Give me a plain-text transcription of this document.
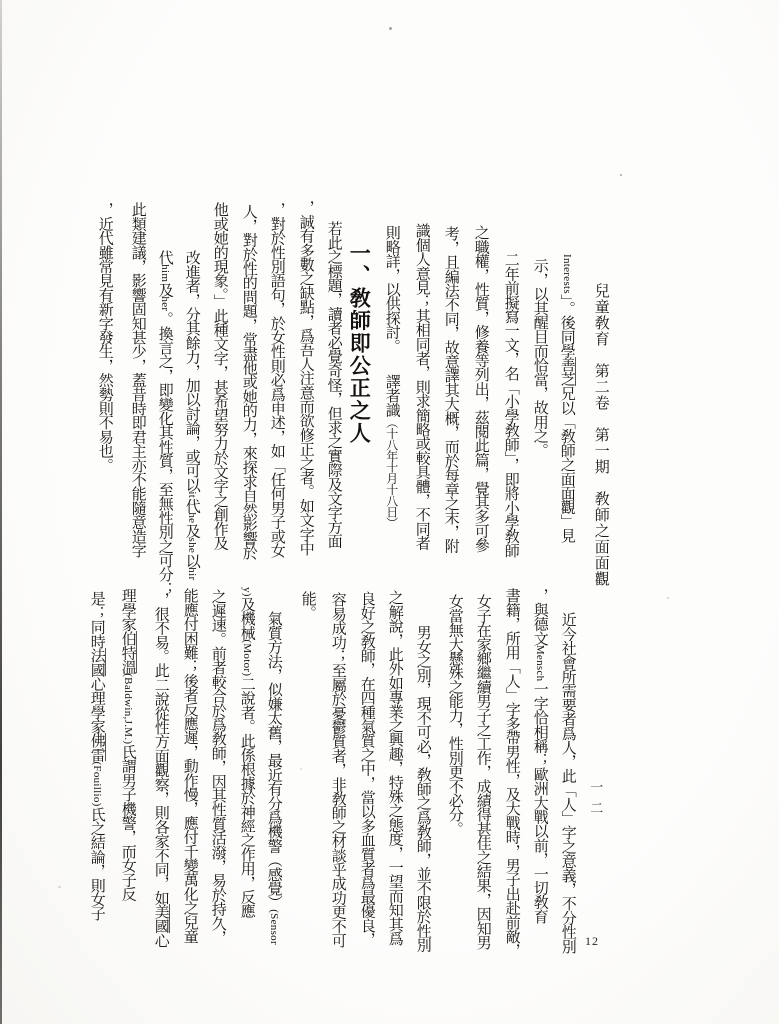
兒童敎育　第二卷　第一期　敎師之面面觀
Interests」。後同學善芝兄以「敎師之面面觀」見
示，以其醒目而恰當，故用之。
二年前擬寫一文，名「小學敎師」，即將小學敎師
之職權，性質，修養等列出，茲閱此篇，覺其多可參
考，且編法不同，故意譯其大概，而於每章之末，附
識個人意見；其相同者，則求簡略或較具體，不同者
則略詳，以供探討。　　譯者識（十八年十月十八日）
一、敎師即公正之人
若此之標題，讀者必覺奇怪，但求之實際及文字方面
，誠有多數之缺點，爲吾人注意而欲修正之者。如文字中
，對於性別語句，於女性則必爲申述，如「任何男子或女
人，對於性的問題，常盡他或她的力，來探求自然影響於
他或她的現象。」此種文字，甚希望努力於文字之創作及
改進者，分其餘力，加以討論，或可以it代he及she以hir
代him及her。換言之，即變化其性質，至無性別之可分；
此類建議，影響固知甚少，蓋昔時即君主亦不能隨意造字
，近代雖常見有新字發生，然勢則不易也。
一二
12
近今社會所需要者爲人，此「人」字之意義，不分性別
，與德文Mensch一字恰相稱；歐洲大戰以前，一切敎育
書籍，所用「人」字多帶男性，及大戰時，男子出赴前敵，
女子在家鄉繼續男子之工作，成績得甚佳之結果，因知男
女當無大懸殊之能力，性別更不必分。
男女之別，現不可必，敎師之爲敎師，並不限於性別
之解說，此外如專業之興趣，特殊之態度，一望而知其爲
良好之敎師，在四種氣質之中，當以多血質者爲最優良，
容易成功；至屬於憂鬱質者，非敎師之材談乎成功更不可
能。
氣質方法，似嫌太舊，最近有分爲機警（感覺）(Sensor
y)及機械(Motor)二說者。此係根據於神經之作用，反應
之遲速。前者較合於爲敎師，因其性質活潑，易於持久，
能應付困難；後者反應遲，動作慢，應付千變萬化之兒童
，很不易。此二說從性方面觀察，則各家不同，如美國心
理學家伯特溫(Baldwin,J.M.)氏謂男子機警，而女子反
是；同時法國心理學家佛雷(Fouillio)氏之結論，則女子
